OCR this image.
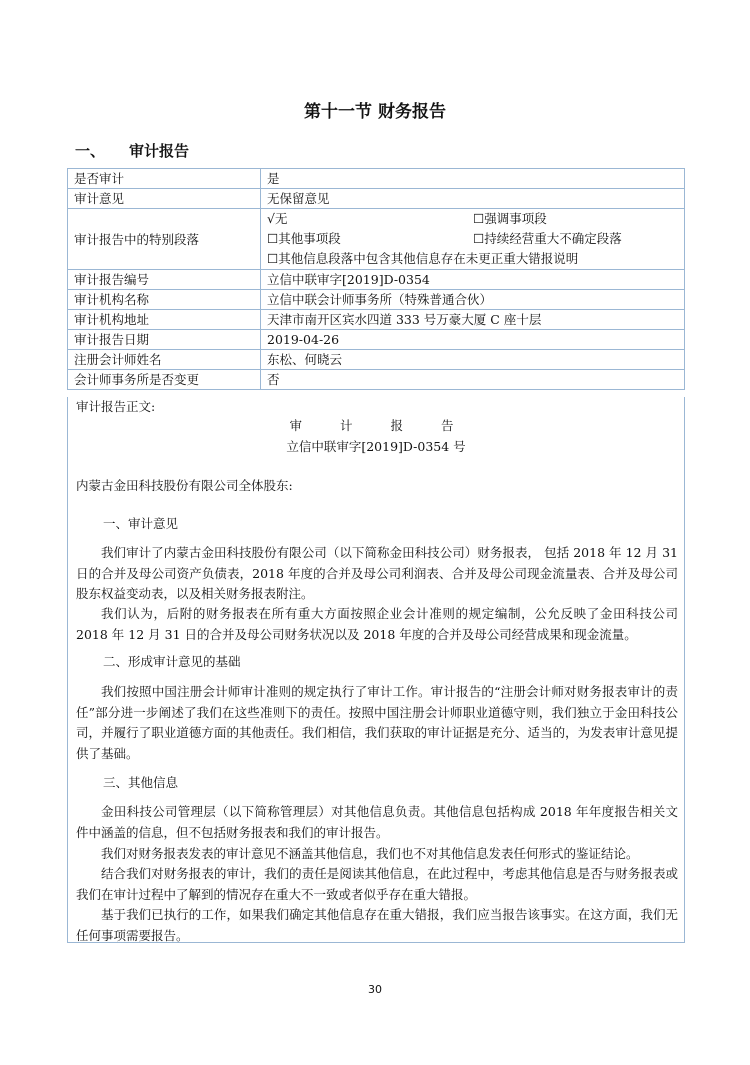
第十一节 财务报告
一、 审计报告
是否审计	是
审计意见	无保留意见
审计报告中的特别段落	√无 ☐强调事项段
☐其他事项段 ☐持续经营重大不确定段落
☐其他信息段落中包含其他信息存在未更正重大错报说明

审计报告编号	立信中联审字[2019]D-0354
审计机构名称	立信中联会计师事务所（特殊普通合伙）
审计机构地址	天津市南开区宾水四道 333 号万豪大厦 C 座十层
审计报告日期	2019-04-26
注册会计师姓名	东松、何晓云
会计师事务所是否变更	否
审计报告正文:
审 计 报 告
立信中联审字[2019]D-0354 号
内蒙古金田科技股份有限公司全体股东:
一、审计意见

我们审计了内蒙古金田科技股份有限公司（以下简称金田科技公司）财务报表， 包括 2018 年 12 月 31 日的合并及母公司资产负债表，2018 年度的合并及母公司利润表、合并及母公司现金流量表、合并及母公司股东权益变动表，以及相关财务报表附注。

我们认为，后附的财务报表在所有重大方面按照企业会计准则的规定编制，公允反映了金田科技公司 2018 年 12 月 31 日的合并及母公司财务状况以及 2018 年度的合并及母公司经营成果和现金流量。

二、形成审计意见的基础

我们按照中国注册会计师审计准则的规定执行了审计工作。审计报告的“注册会计师对财务报表审计的责任”部分进一步阐述了我们在这些准则下的责任。按照中国注册会计师职业道德守则，我们独立于金田科技公司，并履行了职业道德方面的其他责任。我们相信，我们获取的审计证据是充分、适当的，为发表审计意见提供了基础。

三、其他信息

金田科技公司管理层（以下简称管理层）对其他信息负责。其他信息包括构成 2018 年年度报告相关文件中涵盖的信息，但不包括财务报表和我们的审计报告。

我们对财务报表发表的审计意见不涵盖其他信息，我们也不对其他信息发表任何形式的鉴证结论。

结合我们对财务报表的审计，我们的责任是阅读其他信息，在此过程中，考虑其他信息是否与财务报表或我们在审计过程中了解到的情况存在重大不一致或者似乎存在重大错报。

基于我们已执行的工作，如果我们确定其他信息存在重大错报，我们应当报告该事实。在这方面，我们无任何事项需要报告。

30
